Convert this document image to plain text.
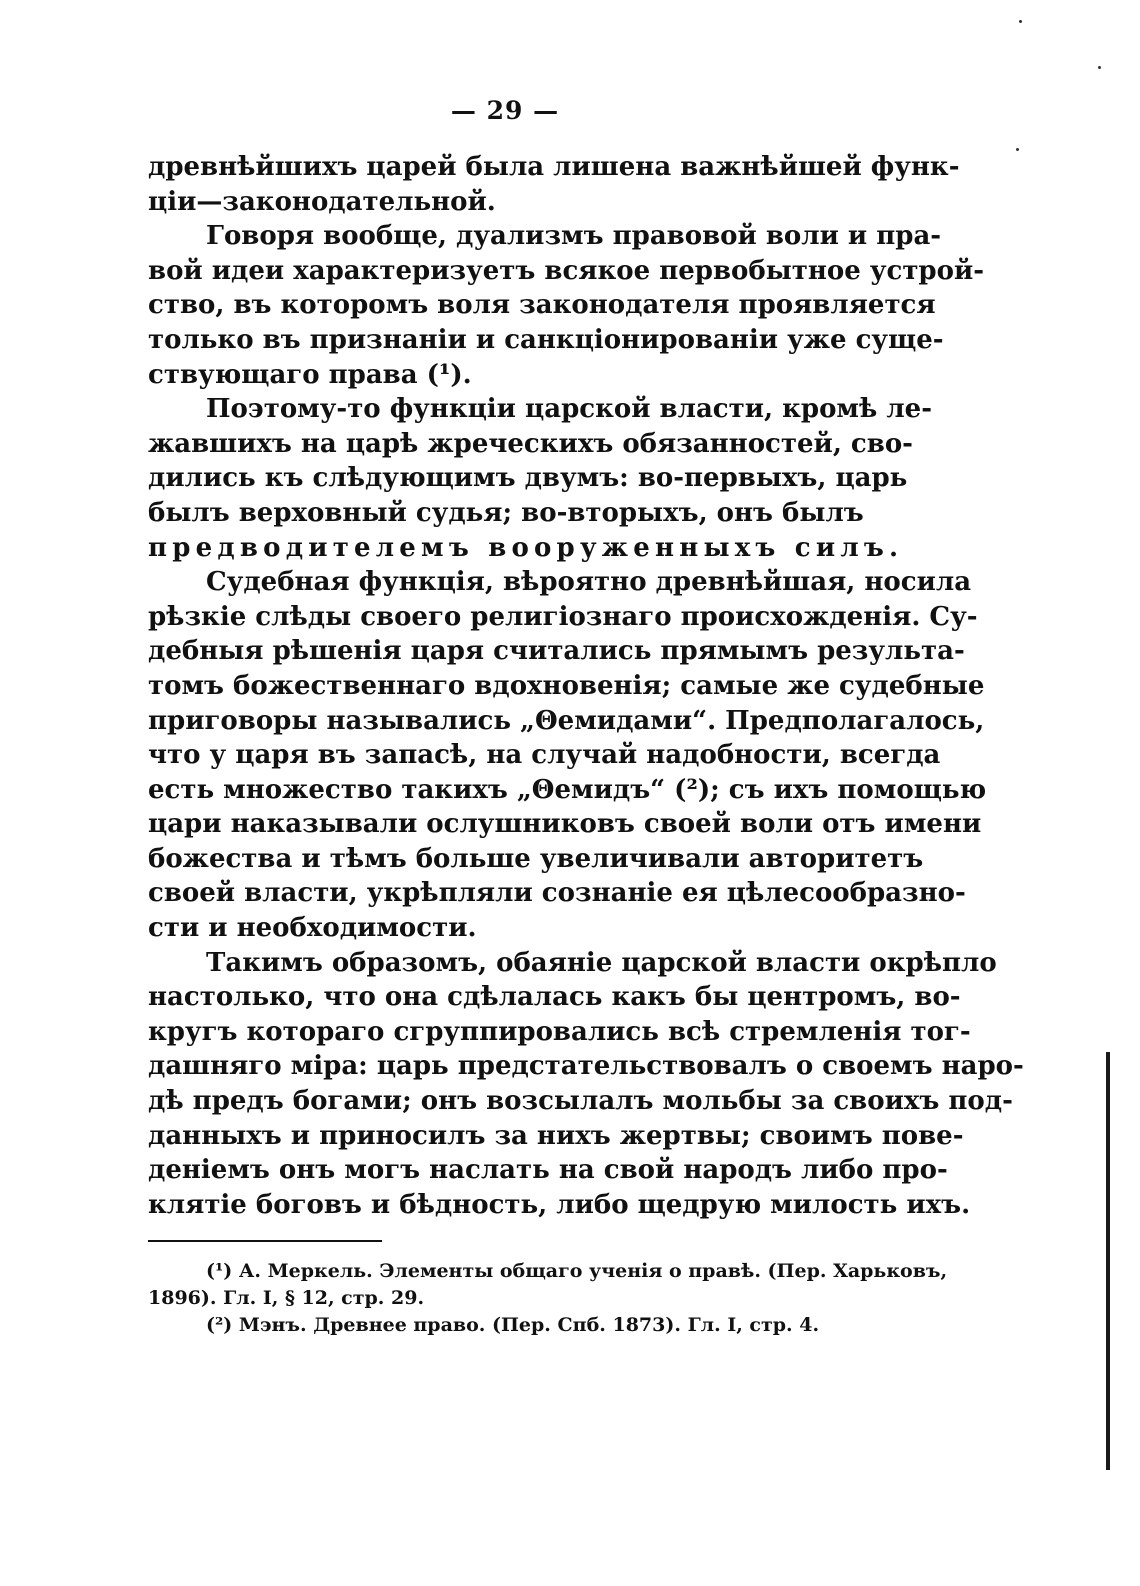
— 29 —
древнѣйшихъ царей была лишена важнѣйшей функ-
ціи—законодательной.
Говоря вообще, дуализмъ правовой воли и пра-
вой идеи характеризуетъ всякое первобытное устрой-
ство, въ которомъ воля законодателя проявляется
только въ признаніи и санкціонированіи уже суще-
ствующаго права (¹).
Поэтому-то функціи царской власти, кромѣ ле-
жавшихъ на царѣ жреческихъ обязанностей, сво-
дились къ слѣдующимъ двумъ: во-первыхъ, царь
былъ верховный судья; во-вторыхъ, онъ былъ
предводителемъ вооруженныхъ силъ.
Судебная функція, вѣроятно древнѣйшая, носила
рѣзкіе слѣды своего религіознаго происхожденія. Су-
дебныя рѣшенія царя считались прямымъ результа-
томъ божественнаго вдохновенія; самые же судебные
приговоры назывались „Θемидами“. Предполагалось,
что у царя въ запасѣ, на случай надобности, всегда
есть множество такихъ „Θемидъ“ (²); съ ихъ помощью
цари наказывали ослушниковъ своей воли отъ имени
божества и тѣмъ больше увеличивали авторитетъ
своей власти, укрѣпляли сознаніе ея цѣлесообразно-
сти и необходимости.
Такимъ образомъ, обаяніе царской власти окрѣпло
настолько, что она сдѣлалась какъ бы центромъ, во-
кругъ котораго сгруппировались всѣ стремленія тог-
дашняго міра: царь предстательствовалъ о своемъ наро-
дѣ предъ богами; онъ возсылалъ мольбы за своихъ под-
данныхъ и приносилъ за нихъ жертвы; своимъ пове-
деніемъ онъ могъ наслать на свой народъ либо про-
клятіе боговъ и бѣдность, либо щедрую милость ихъ.
(¹) А. Меркель. Элементы общаго ученія о правѣ. (Пер. Харьковъ,
1896). Гл. I, § 12, стр. 29.
(²) Мэнъ. Древнее право. (Пер. Спб. 1873). Гл. I, стр. 4.
